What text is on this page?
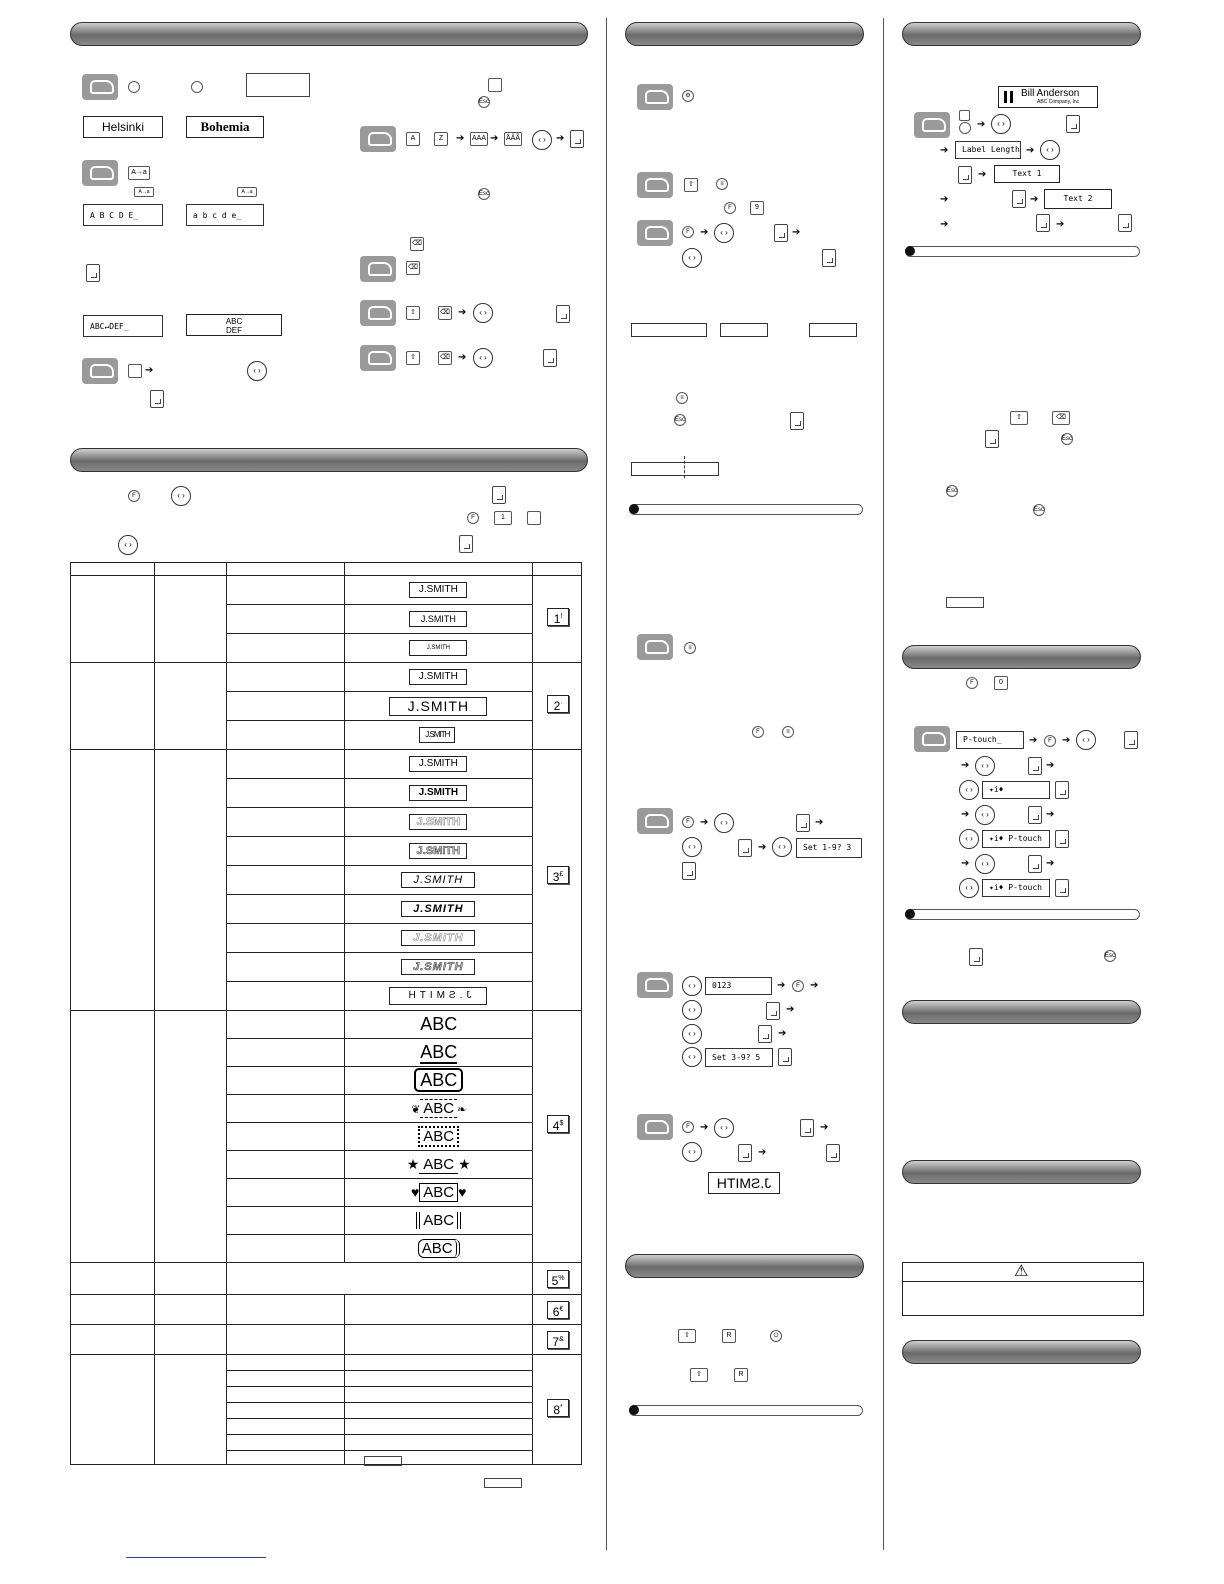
Helsinki	Bohemia
A→a
A→a	A→a
A B C D E_	a b c d e_
ABC↵DEF_
ABC
DEF
➔	‹ ›
Esc
A	Z	➔ AAA ➔ ÅÂÃ	‹ ›	➔
Esc
⌫
⌫
⇧	⌫ ➔	‹ ›
⇧	⌫ ➔	‹ ›
F	‹ ›
F	1
‹ ›

			J.SMITH	1!

			J.SMITH	

			J.SMITH	

			J.SMITH	2·

			J.SMITH	

			J.SMITH	

			J.SMITH	3£

			J.SMITH	

			J.SMITH	

			J.SMITH	

			J.SMITH	

			J.SMITH	

			J.SMITH	

			J.SMITH	

			J.SMITH	

			ABC	4$

			ABC	
			ABC	
			❦ ABC ❧	
			ABC	
			★ ABC ★	
			♥ ABC ♥	
			ABC	
			ABC	

				5%

				6€

				7&

				8*

⚙
⇧	≡
F	9
F	➔	‹ ›	➔
‹ ›
≡
Esc
≡
F	≡
F	➔	‹ ›	➔
‹ ›	➔	‹ ›	Set 1-9? 3
‹ ›	0123	➔	F	➔
‹ ›	➔
‹ ›	➔
‹ ›	Set 3-9? 5
F	➔	‹ ›	➔
‹ ›	➔
J.SMITH
⇧	R	⏻
⇧	R
Bill Anderson
ABC Company, Inc
➔	‹ ›
➔	Label Length ➔	‹ ›
➔	Text 1
➔	➔	Text 2
➔	➔
⇧	⌫
Esc
Esc
Esc
F	0
P-touch_	➔	F	➔	‹ ›
➔	‹ ›	➔
‹ ›	✦i♦
➔	‹ ›	➔
‹ ›	✦i♦ P-touch
➔	‹ ›	➔
‹ ›	✦i♦ P-touch
Esc
⚠
